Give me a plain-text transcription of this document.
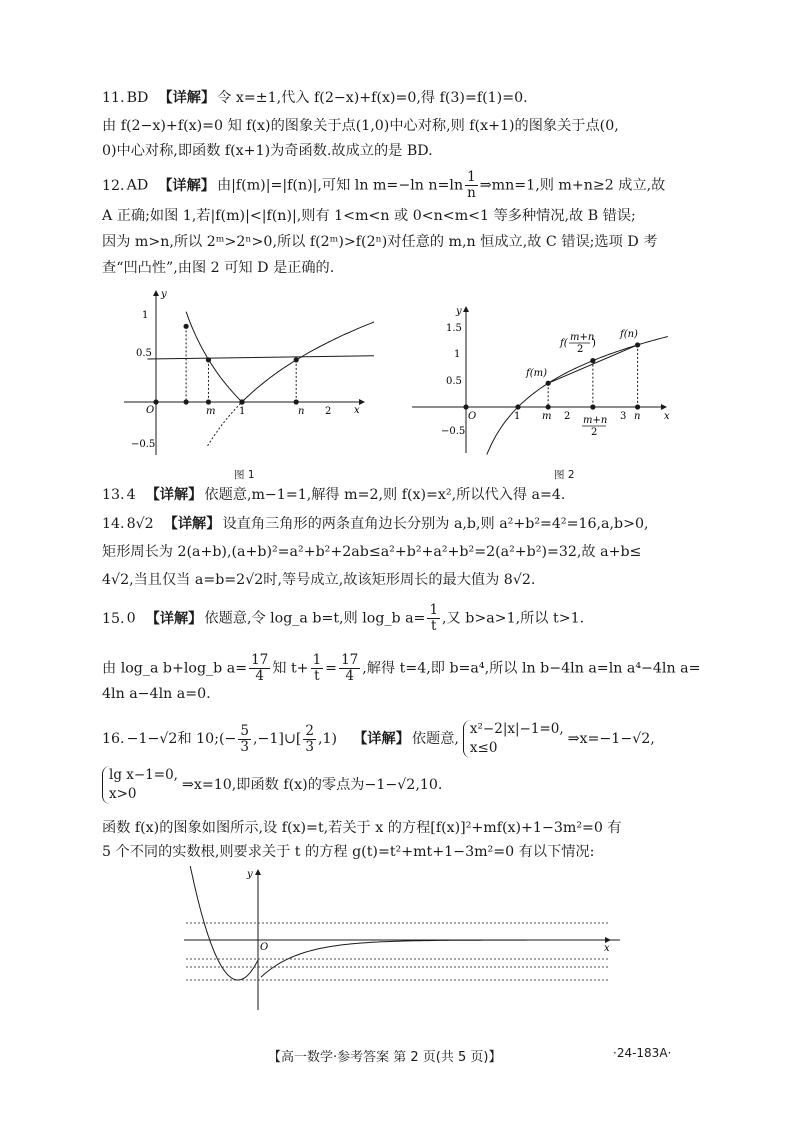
11. BD 【详解】 令 x=±1,代入 f(2−x)+f(x)=0,得 f(3)=f(1)=0.
由 f(2−x)+f(x)=0 知 f(x)的图象关于点(1,0)中心对称,则 f(x+1)的图象关于点(0,
0)中心对称,即函数 f(x+1)为奇函数.故成立的是 BD.
12. AD 【详解】 由|f(m)|=|f(n)|,可知 ln m=−ln $n=\ln \frac{1}{n}$ ⇒mn=1,则 m+n≥2 成立,故
A 正确;如图 1,若|f(m)|<|f(n)|,则有 1<m<n 或 0<n<m<1 等多种情况,故 B 错误;
因为 m>n,所以 2ᵐ>2ⁿ>0,所以 f(2ᵐ)>f(2ⁿ)对任意的 m,n 恒成立,故 C 错误;选项 D 考
查“凹凸性”,由图 2 可知 D 是正确的.
y
x
O
1
0.5
−0.5
m 1	n 2
图 1
y
x
O
1.5
1
0.5
−0.5
1 m 2	3 n
m+n
2
f(m)
f(n)
f(
m+n
2
)
图 2
13. 4 【详解】 依题意,m−1=1,解得 m=2,则 f(x)=x²,所以代入得 a=4.
14. 8√2 【详解】 设直角三角形的两条直角边长分别为 a,b,则 a²+b²=4²=16,a,b>0,
矩形周长为 2(a+b),(a+b)²=a²+b²+2ab≤a²+b²+a²+b²=2(a²+b²)=32,故 a+b≤
4√2,当且仅当 a=b=2√2时,等号成立,故该矩形周长的最大值为 8√2.
15. 0 【详解】 依题意,令 log_a b=t,则 log_b $a= \frac{1}{t}$ ,又 b>a>1,所以 t>1.
由 log_a b+log_b $a= \frac{17}{4}$ 知 $t+ \frac{1}{t} = \frac{17}{4}$ ,解得 t=4,即 b=a⁴,所以 ln b−4ln a=ln a⁴−4ln a=
4ln a−4ln a=0.
16. −1−√2和 10;(− $\frac{5}{3}$ ,−1]∪[ $\frac{2}{3} ,1$) 【详解】 依题意,
x²−2|x|−1=0,
x≤0
⇒x=−1−√2,
lg x−1=0,
x>0
⇒x=10,即函数 f(x)的零点为−1−√2,10.
函数 f(x)的图象如图所示,设 f(x)=t,若关于 x 的方程[f(x)]²+mf(x)+1−3m²=0 有
5 个不同的实数根,则要求关于 t 的方程 g(t)=t²+mt+1−3m²=0 有以下情况:
y
x
O
【高一数学·参考答案 第 2 页(共 5 页)】	·24-183A·
